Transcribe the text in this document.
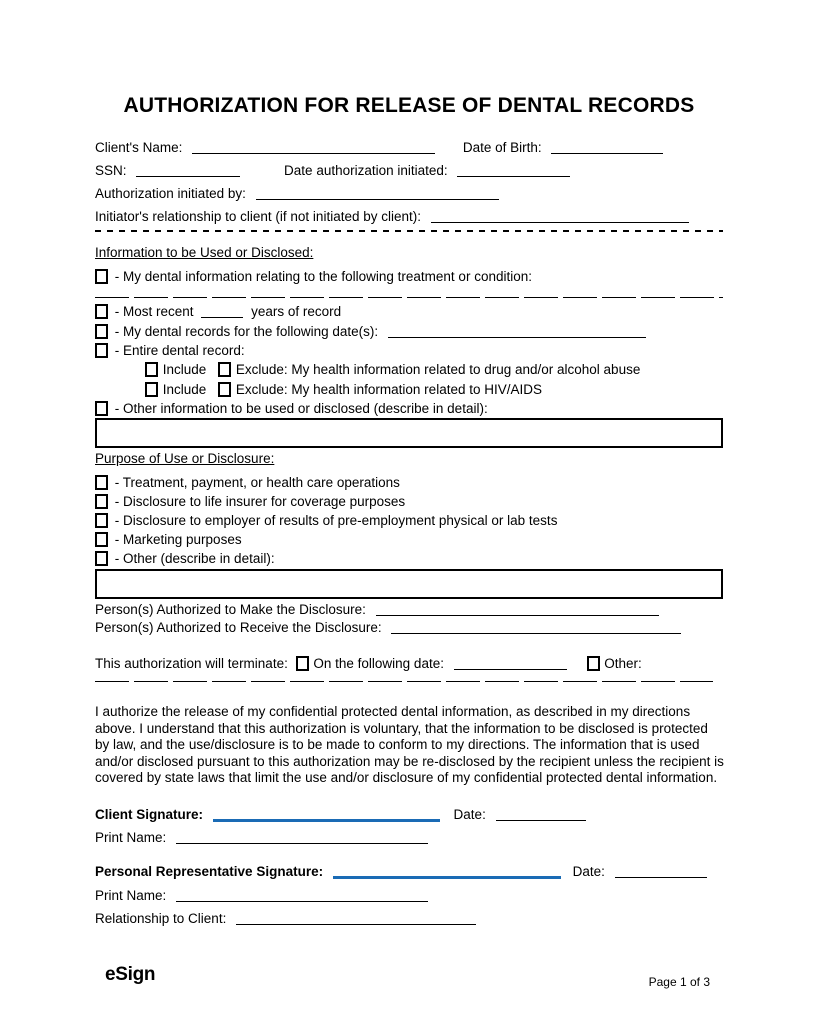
AUTHORIZATION FOR RELEASE OF DENTAL RECORDS
Client's Name:	Date of Birth:
SSN:	Date authorization initiated:
Authorization initiated by:
Initiator's relationship to client (if not initiated by client):
Information to be Used or Disclosed:
- My dental information relating to the following treatment or condition:
- Most recent	years of record
- My dental records for the following date(s):
- Entire dental record:
Include Exclude: My health information related to drug and/or alcohol abuse
Include Exclude: My health information related to HIV/AIDS
- Other information to be used or disclosed (describe in detail):
Purpose of Use or Disclosure:
- Treatment, payment, or health care operations
- Disclosure to life insurer for coverage purposes
- Disclosure to employer of results of pre-employment physical or lab tests
- Marketing purposes
- Other (describe in detail):
Person(s) Authorized to Make the Disclosure:
Person(s) Authorized to Receive the Disclosure:
This authorization will terminate: On the following date:	Other:
I authorize the release of my confidential protected dental information, as described in my directions above. I understand that this authorization is voluntary, that the information to be disclosed is protected by law, and the use/disclosure is to be made to conform to my directions. The information that is used and/or disclosed pursuant to this authorization may be re-disclosed by the recipient unless the recipient is covered by state laws that limit the use and/or disclosure of my confidential protected dental information.
Client Signature:	Date:
Print Name:
Personal Representative Signature:	Date:
Print Name:
Relationship to Client:
eSign	Page 1 of 3
